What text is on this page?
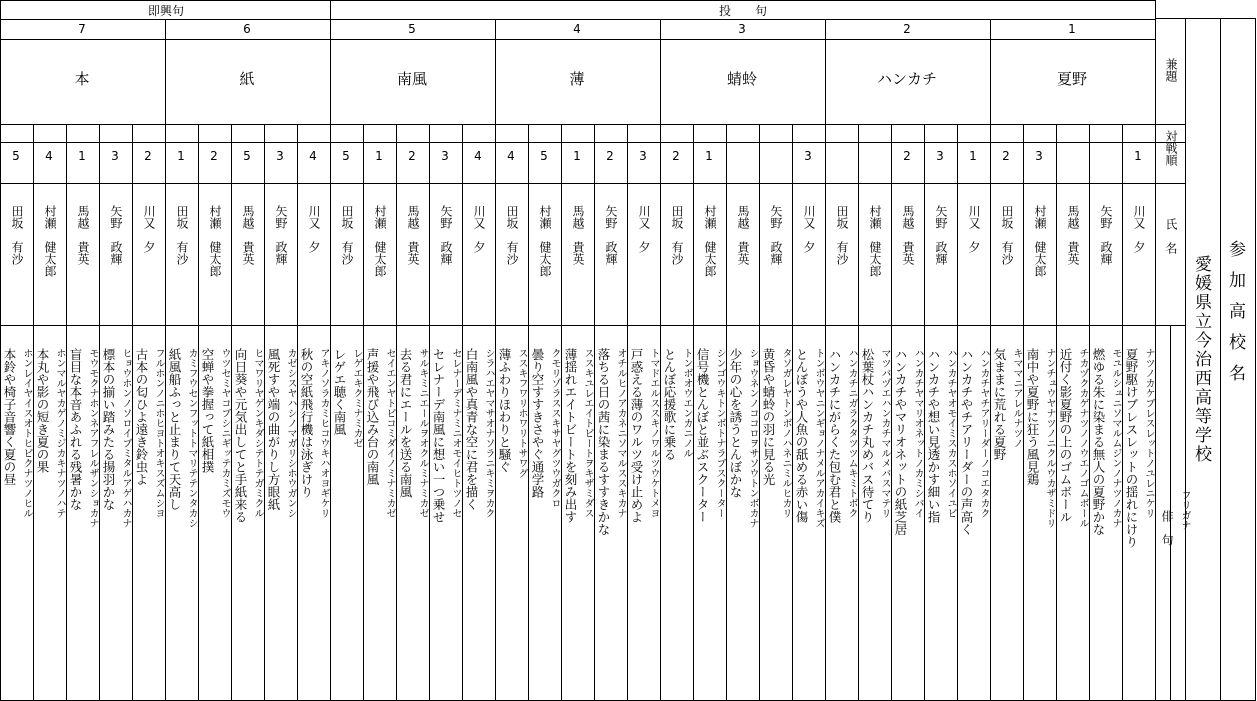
即興句	投　　句
兼題
対戦順
氏　名
俳　句 フリガナ
愛媛県立今治西高等学校 参加高校名
7
本
6
紙
5
南風
4
薄
3
蜻蛉
2
ハンカチ
1
夏野
5
田坂　有沙
本鈴や椅子音響く夏の昼 ホンレイヤイスオトヒビクナツノヒル
4
村瀬　健太郎
本丸や影の短き夏の果 ホンマルヤカゲノミジカキナツノハテ
1
馬越　貴英
盲目な本音あふれる残暑かな モウモクナホンネアフレルザンショカナ
3
矢野　政輝
標本の揃い踏みたる揚羽かな ヒョウホンノソロイブミタルアゲハカナ
2
川又　夕
古本の匂ひよ遠き鈴虫よ フルホンノニホヒヨトオキスズムシヨ
1
田坂　有沙
紙風船ふっと止まりて天高し カミフウセンフットトマリテテンタカシ
2
村瀬　健太郎
空蝉や拳握って紙相撲 ウツセミヤコブシニギッテカミズモウ
5
馬越　貴英
向日葵や元気出してと手紙来る ヒマワリヤゲンキダシテトテガミクル
3
矢野　政輝
風死すや端の曲がりし方眼紙 カゼシスヤハシノマガリシホウガンシ
4
川又　夕
秋の空紙飛行機は泳ぎけり アキノソラカミヒコウキハオヨギケリ
5
田坂　有沙
レゲエ聴く南風 レゲエキクミナミカゼ
1
村瀬　健太郎
声援や飛び込み台の南風 セイエンヤトビコミダイノミナミカゼ
2
馬越　貴英
去る君にエールを送る南風 サルキミニエールヲオクルミナミカゼ
3
矢野　政輝
セレナーデ南風に想い一つ乗せ セレナーデミナミニオモイヒトツノセ
4
川又　夕
白南風や真青な空に君を描く シラハエヤマサオナソラニキミヲカク
4
田坂　有沙
薄ふわりほわりと騒ぐ ススキフワリホワリトサワグ
5
村瀬　健太郎
曇り空すすきさやぐ通学路 クモリゾラススキサヤグツウガクロ
1
馬越　貴英
薄揺れエイトビートを刻み出す ススキユレエイトビートヲキザミダス
2
矢野　政輝
落ちる日の茜に染まるすすきかな オチルヒノアカネニソマルススキカナ
3
川又　夕
戸惑える薄のワルツ受け止めよ トマドエルススキノワルツウケトメヨ
2
田坂　有沙
とんぼ応援歌に乗る トンボオウエンカニノル
1
村瀬　健太郎
信号機とんぼと並ぶスクーター シンゴウキトンボトナラブスクーター
馬越　貴英
少年の心を誘うとんぼかな ショウネンノココロヲサソウトンボカナ
矢野　政輝
黄昏や蜻蛉の羽に見る光 タソガレヤトンボノハネニミルヒカリ
3
川又　夕
とんぼうや人魚の舐める赤い傷 トンボウヤニンギョノナメルアカイキズ
田坂　有沙
ハンカチにがらくた包む君と僕 ハンカチニガラクタツツムキミトボク
村瀬　健太郎
松葉杖ハンカチ丸めバス待てり マツバヅエハンカチマルメバスマテリ
2
馬越　貴英
ハンカチやマリオネットの紙芝居 ハンカチヤマリオネットノカミシバイ
3
矢野　政輝
ハンカチや想い見透かす細い指 ハンカチヤオモイミスカスホソイユビ
1
川又　夕
ハンカチやチアリーダーの声高く ハンカチヤチアリーダーノコエタカク
2
田坂　有沙
気ままに荒れる夏野 キママニアレルナツノ
3
村瀬　健太郎
南中や夏野に狂う風見鶏 ナンチュウヤナツノニクルウカザミドリ
馬越　貴英
近付く影夏野の上のゴムボール チカヅクカゲナツノノウエノゴムボール
矢野　政輝
燃ゆる朱に染まる無人の夏野かな モユルシュニソマルムジンノナツノカナ
1
川又　夕
夏野駆けブレスレットの揺れにけり ナツノカケブレスレットノユレニケリ
